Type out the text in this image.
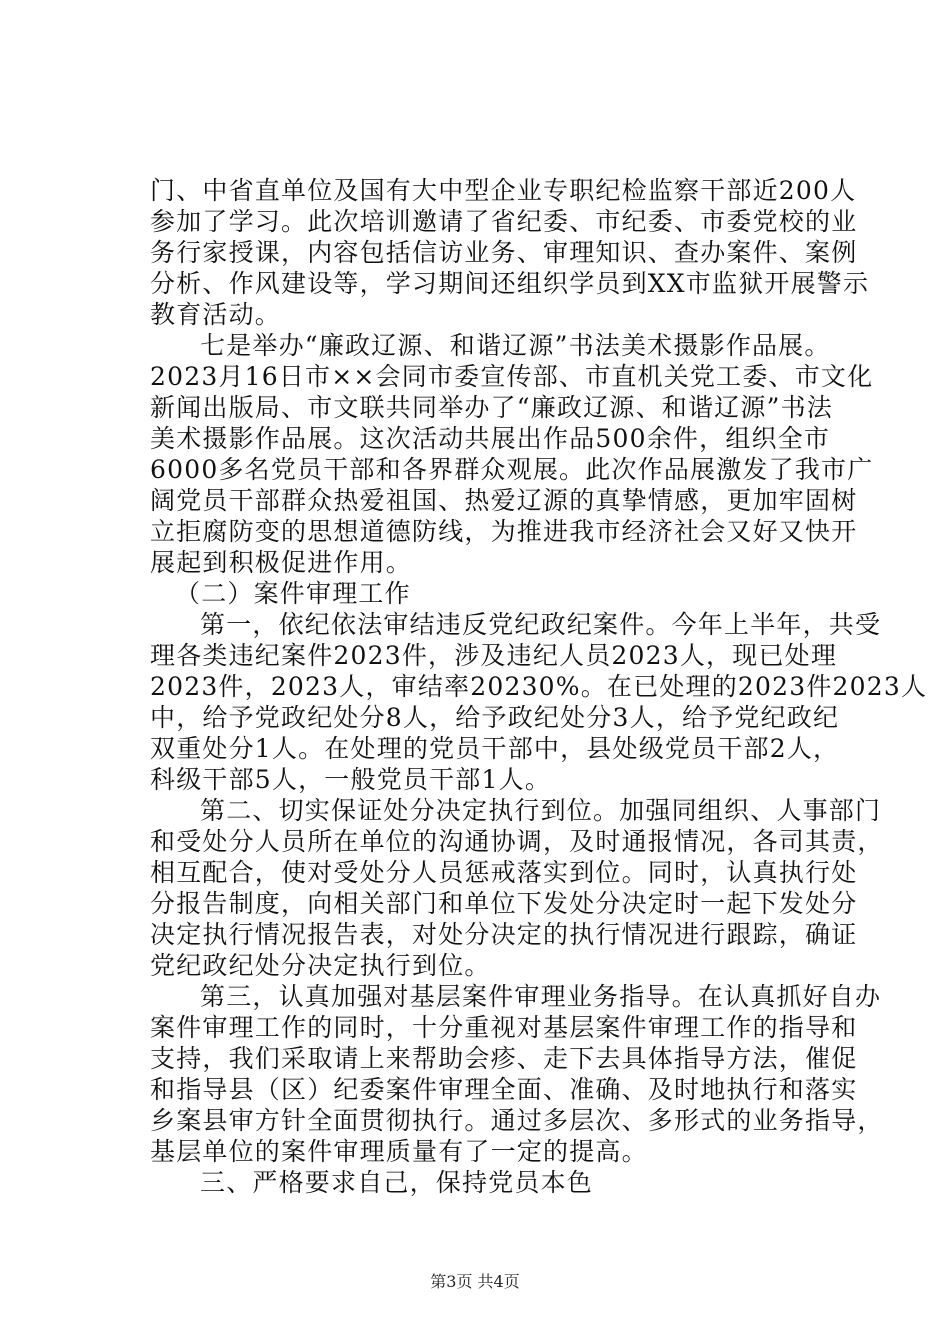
门、中省直单位及国有大中型企业专职纪检监察干部近200人
参加了学习。此次培训邀请了省纪委、市纪委、市委党校的业
务行家授课，内容包括信访业务、审理知识、查办案件、案例
分析、作风建设等，学习期间还组织学员到XX市监狱开展警示
教育活动。
七是举办“廉政辽源、和谐辽源”书法美术摄影作品展。
2023月16日市××会同市委宣传部、市直机关党工委、市文化
新闻出版局、市文联共同举办了“廉政辽源、和谐辽源”书法
美术摄影作品展。这次活动共展出作品500余件，组织全市
6000多名党员干部和各界群众观展。此次作品展激发了我市广
阔党员干部群众热爱祖国、热爱辽源的真挚情感，更加牢固树
立拒腐防变的思想道德防线，为推进我市经济社会又好又快开
展起到积极促进作用。
（二）案件审理工作
第一，依纪依法审结违反党纪政纪案件。今年上半年，共受
理各类违纪案件2023件，涉及违纪人员2023人，现已处理
2023件，2023人，审结率20230%。在已处理的2023件2023人
中，给予党政纪处分8人，给予政纪处分3人，给予党纪政纪
双重处分1人。在处理的党员干部中，县处级党员干部2人，
科级干部5人，一般党员干部1人。
第二、切实保证处分决定执行到位。加强同组织、人事部门
和受处分人员所在单位的沟通协调，及时通报情况，各司其责，
相互配合，使对受处分人员惩戒落实到位。同时，认真执行处
分报告制度，向相关部门和单位下发处分决定时一起下发处分
决定执行情况报告表，对处分决定的执行情况进行跟踪，确证
党纪政纪处分决定执行到位。
第三，认真加强对基层案件审理业务指导。在认真抓好自办
案件审理工作的同时，十分重视对基层案件审理工作的指导和
支持，我们采取请上来帮助会疹、走下去具体指导方法，催促
和指导县（区）纪委案件审理全面、准确、及时地执行和落实
乡案县审方针全面贯彻执行。通过多层次、多形式的业务指导，
基层单位的案件审理质量有了一定的提高。
三、严格要求自己，保持党员本色
第3页 共4页
